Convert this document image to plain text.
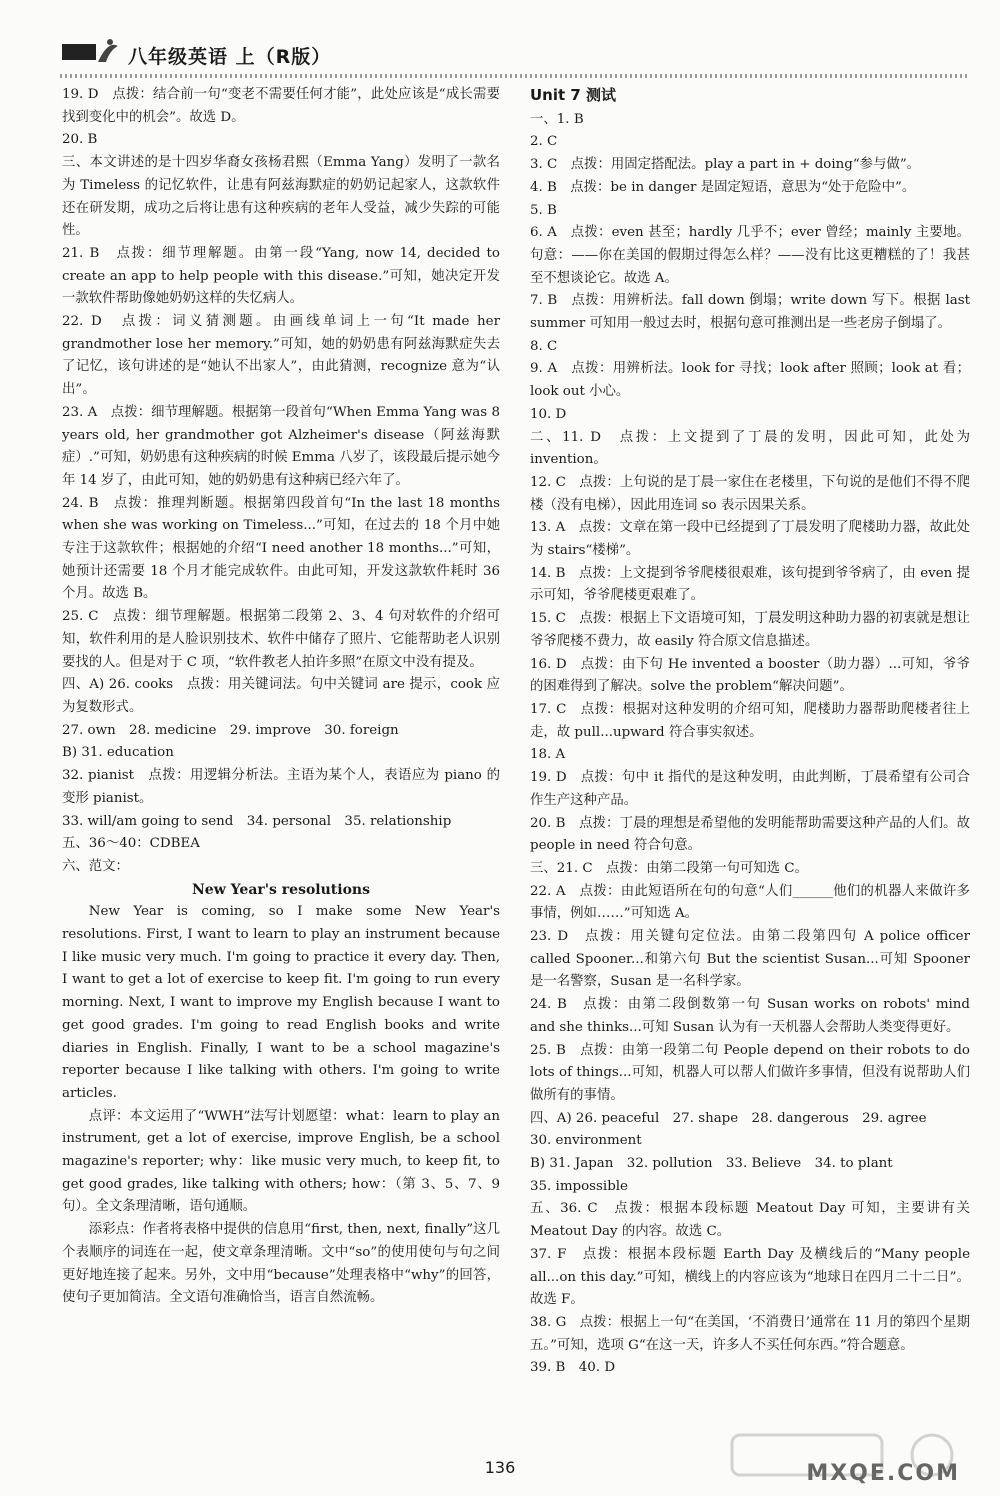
八年级英语 上（R版）

19. D　点拨：结合前一句“变老不需要任何才能”，此处应该是“成长需要找到变化中的机会”。故选 D。

20. B

三、本文讲述的是十四岁华裔女孩杨君熙（Emma Yang）发明了一款名为 Timeless 的记忆软件，让患有阿兹海默症的奶奶记起家人，这款软件还在研发期，成功之后将让患有这种疾病的老年人受益，减少失踪的可能性。

21. B　点拨：细节理解题。由第一段“Yang, now 14, decided to create an app to help people with this disease.”可知，她决定开发一款软件帮助像她奶奶这样的失忆病人。

22. D　点拨：词义猜测题。由画线单词上一句“It made her grandmother lose her memory.”可知，她的奶奶患有阿兹海默症失去了记忆，该句讲述的是“她认不出家人”，由此猜测，recognize 意为“认出”。

23. A　点拨：细节理解题。根据第一段首句“When Emma Yang was 8 years old, her grandmother got Alzheimer's disease（阿兹海默症）.”可知，奶奶患有这种疾病的时候 Emma 八岁了，该段最后提示她今年 14 岁了，由此可知，她的奶奶患有这种病已经六年了。

24. B　点拨：推理判断题。根据第四段首句“In the last 18 months when she was working on Timeless...”可知，在过去的 18 个月中她专注于这款软件；根据她的介绍“I need another 18 months...”可知，她预计还需要 18 个月才能完成软件。由此可知，开发这款软件耗时 36 个月。故选 B。

25. C　点拨：细节理解题。根据第二段第 2、3、4 句对软件的介绍可知，软件利用的是人脸识别技术、软件中储存了照片、它能帮助老人识别要找的人。但是对于 C 项，“软件教老人拍许多照”在原文中没有提及。

四、A) 26. cooks　点拨：用关键词法。句中关键词 are 提示，cook 应为复数形式。

27. own　28. medicine　29. improve　30. foreign

B) 31. education

32. pianist　点拨：用逻辑分析法。主语为某个人，表语应为 piano 的变形 pianist。

33. will/am going to send　34. personal　35. relationship

五、36～40：CDBEA

六、范文：

New Year's resolutions

New Year is coming, so I make some New Year's resolutions. First, I want to learn to play an instrument because I like music very much. I'm going to practice it every day. Then, I want to get a lot of exercise to keep fit. I'm going to run every morning. Next, I want to improve my English because I want to get good grades. I'm going to read English books and write diaries in English. Finally, I want to be a school magazine's reporter because I like talking with others. I'm going to write articles.

点评：本文运用了“WWH”法写计划愿望：what：learn to play an instrument, get a lot of exercise, improve English, be a school magazine's reporter; why：like music very much, to keep fit, to get good grades, like talking with others; how：（第 3、5、7、9 句）。全文条理清晰，语句通顺。

添彩点：作者将表格中提供的信息用“first, then, next, finally”这几个表顺序的词连在一起，使文章条理清晰。文中“so”的使用使句与句之间更好地连接了起来。另外，文中用“because”处理表格中“why”的回答，使句子更加简洁。全文语句准确恰当，语言自然流畅。

Unit 7 测试

一、1. B

2. C

3. C　点拨：用固定搭配法。play a part in + doing“参与做”。

4. B　点拨：be in danger 是固定短语，意思为“处于危险中”。

5. B

6. A　点拨：even 甚至；hardly 几乎不；ever 曾经；mainly 主要地。句意：——你在美国的假期过得怎么样？——没有比这更糟糕的了！我甚至不想谈论它。故选 A。

7. B　点拨：用辨析法。fall down 倒塌；write down 写下。根据 last summer 可知用一般过去时，根据句意可推测出是一些老房子倒塌了。

8. C

9. A　点拨：用辨析法。look for 寻找；look after 照顾；look at 看；look out 小心。

10. D

二、11. D　点拨：上文提到了丁晨的发明，因此可知，此处为 invention。

12. C　点拨：上句说的是丁晨一家住在老楼里，下句说的是他们不得不爬楼（没有电梯），因此用连词 so 表示因果关系。

13. A　点拨：文章在第一段中已经提到了丁晨发明了爬楼助力器，故此处为 stairs“楼梯”。

14. B　点拨：上文提到爷爷爬楼很艰难，该句提到爷爷病了，由 even 提示可知，爷爷爬楼更艰难了。

15. C　点拨：根据上下文语境可知，丁晨发明这种助力器的初衷就是想让爷爷爬楼不费力，故 easily 符合原文信息描述。

16. D　点拨：由下句 He invented a booster（助力器）...可知，爷爷的困难得到了解决。solve the problem“解决问题”。

17. C　点拨：根据对这种发明的介绍可知，爬楼助力器帮助爬楼者往上走，故 pull...upward 符合事实叙述。

18. A

19. D　点拨：句中 it 指代的是这种发明，由此判断，丁晨希望有公司合作生产这种产品。

20. B　点拨：丁晨的理想是希望他的发明能帮助需要这种产品的人们。故 people in need 符合句意。

三、21. C　点拨：由第二段第一句可知选 C。

22. A　点拨：由此短语所在句的句意“人们______他们的机器人来做许多事情，例如……”可知选 A。

23. D　点拨：用关键句定位法。由第二段第四句 A police officer called Spooner...和第六句 But the scientist Susan...可知 Spooner 是一名警察，Susan 是一名科学家。

24. B　点拨：由第二段倒数第一句 Susan works on robots' mind and she thinks...可知 Susan 认为有一天机器人会帮助人类变得更好。

25. B　点拨：由第一段第二句 People depend on their robots to do lots of things...可知，机器人可以帮人们做许多事情，但没有说帮助人们做所有的事情。

四、A) 26. peaceful　27. shape　28. dangerous　29. agree

30. environment

B) 31. Japan　32. pollution　33. Believe　34. to plant

35. impossible

五、36. C　点拨：根据本段标题 Meatout Day 可知，主要讲有关 Meatout Day 的内容。故选 C。

37. F　点拨：根据本段标题 Earth Day 及横线后的“Many people all...on this day.”可知，横线上的内容应该为“地球日在四月二十二日”。故选 F。

38. G　点拨：根据上一句“在美国，‘不消费日’通常在 11 月的第四个星期五。”可知，选项 G“在这一天，许多人不买任何东西。”符合题意。

39. B　40. D

136	MXQE.COM
